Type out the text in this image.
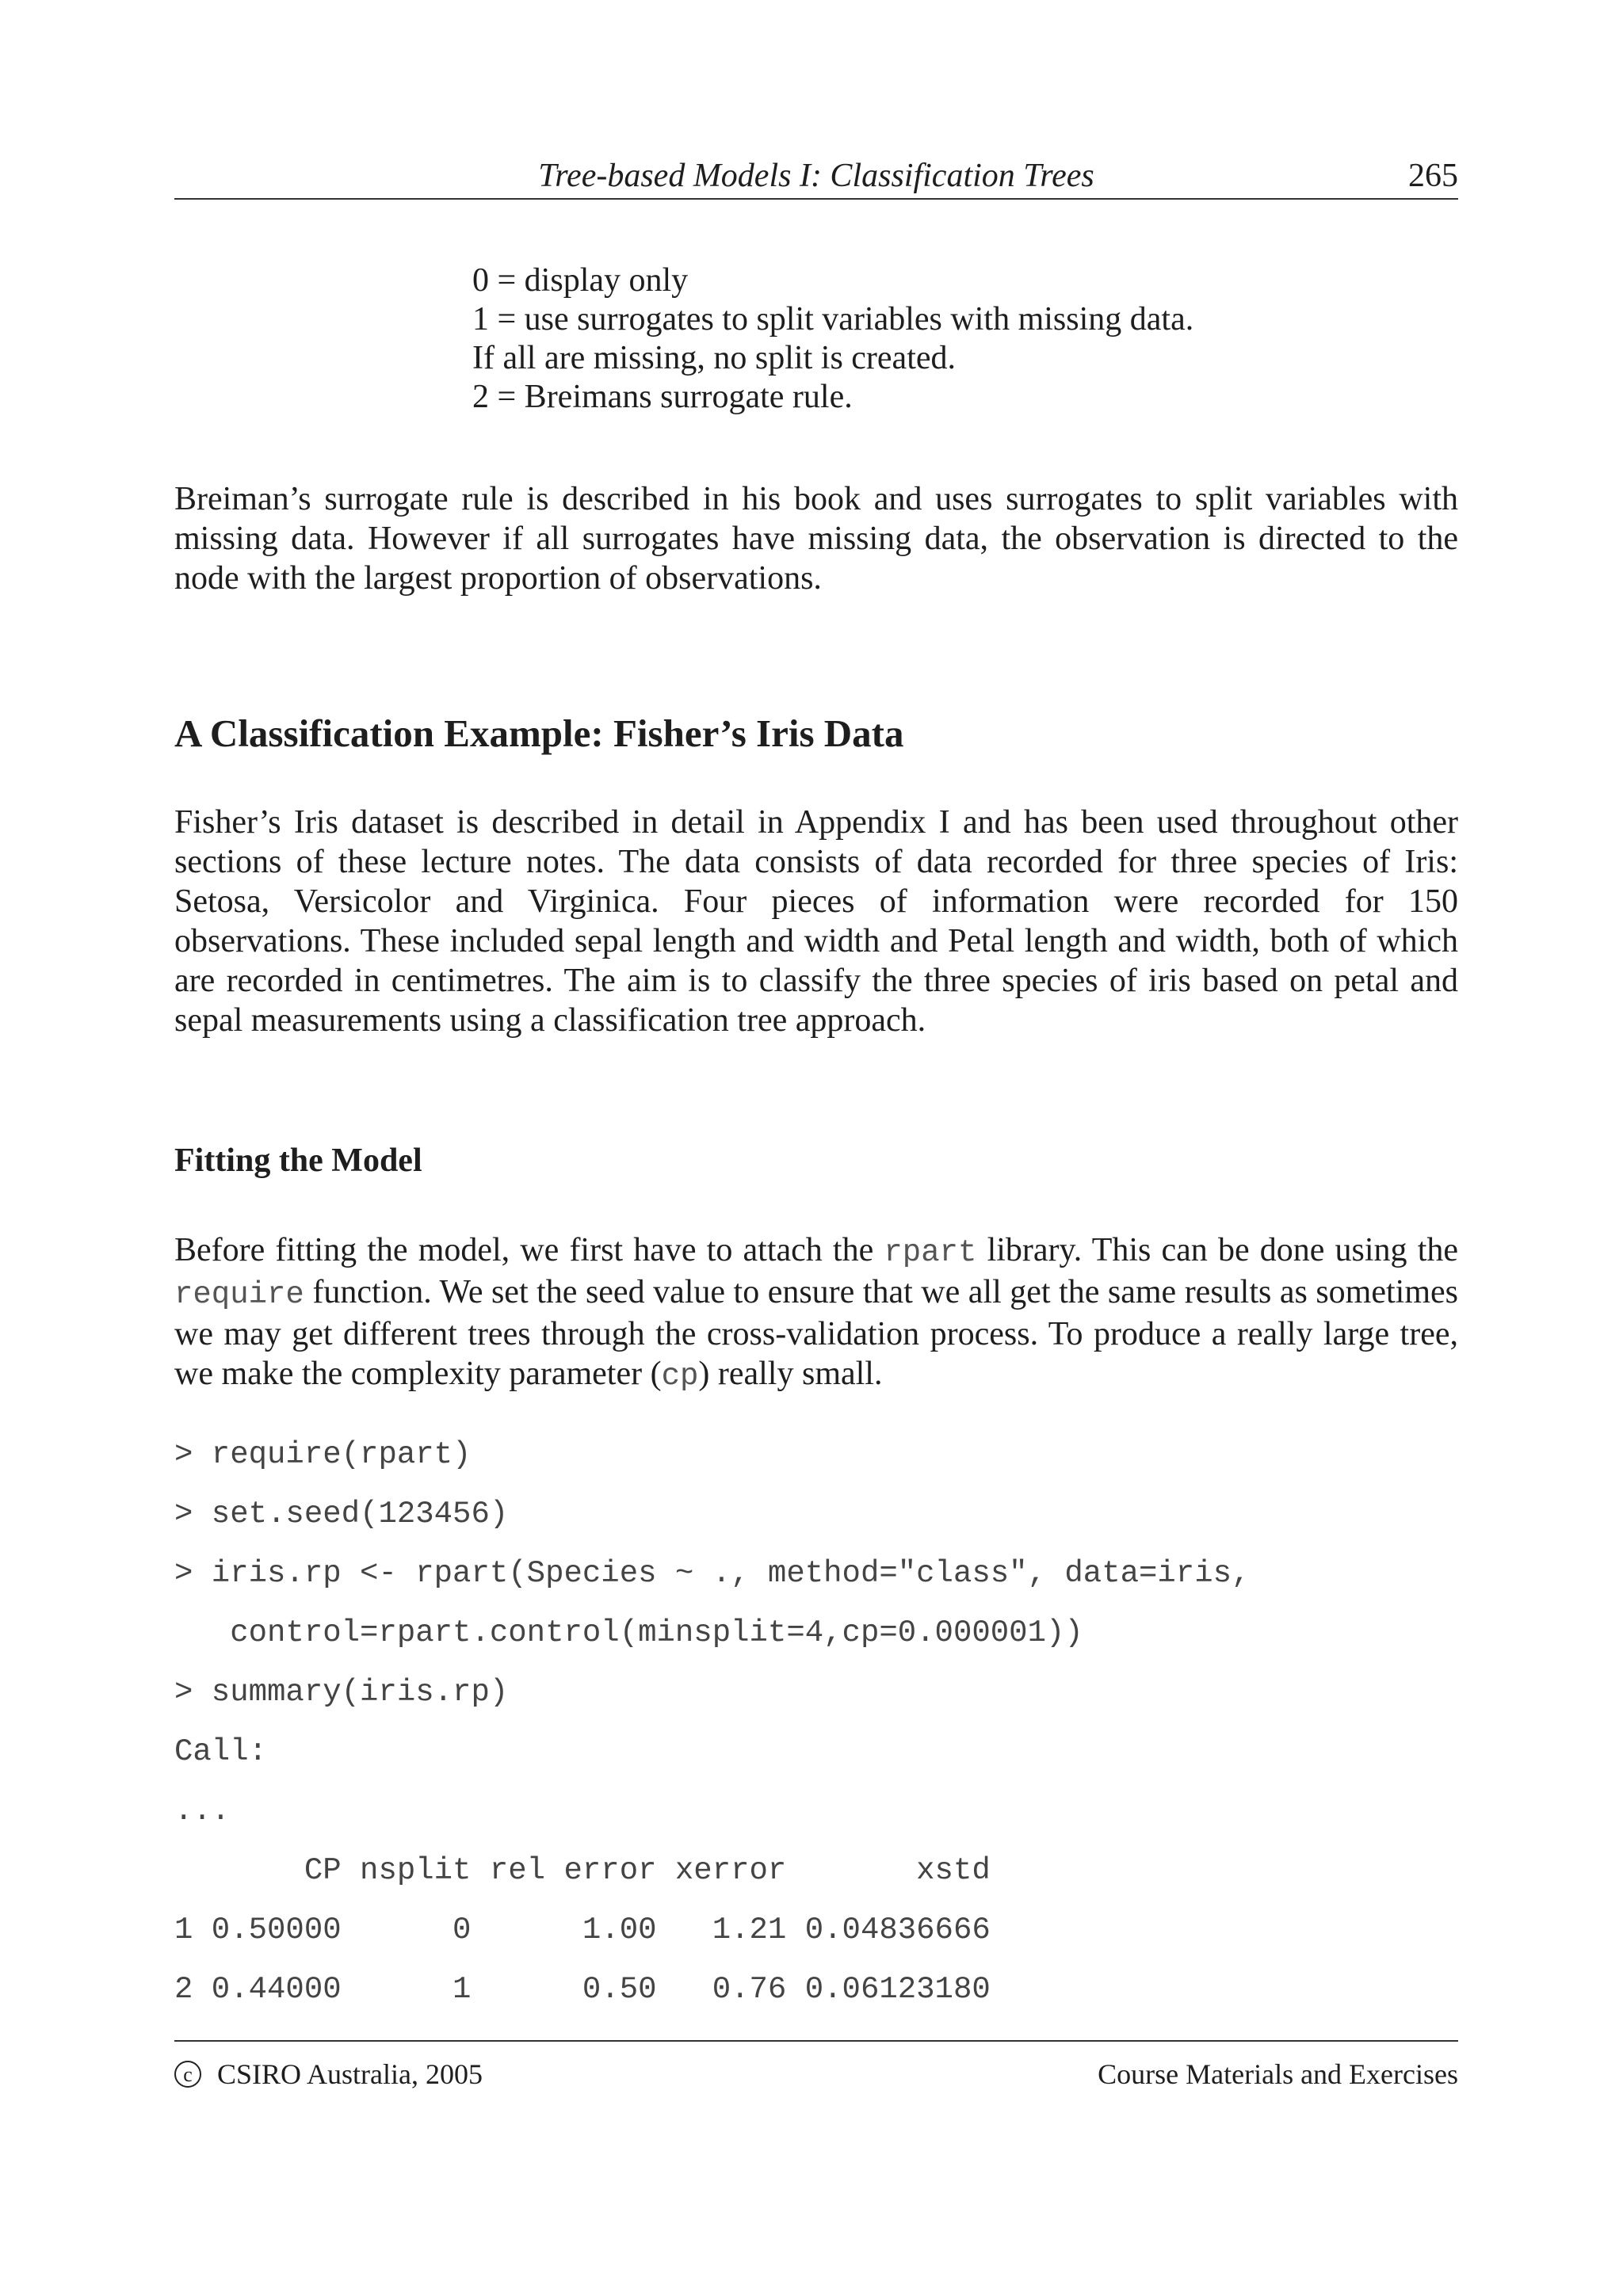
Tree-based Models I: Classification Trees	265
0 = display only
1 = use surrogates to split variables with missing data.
If all are missing, no split is created.
2 = Breimans surrogate rule.

Breiman’s surrogate rule is described in his book and uses surrogates to split variables with missing data. However if all surrogates have missing data, the observation is directed to the node with the largest proportion of observations.

A Classification Example: Fisher’s Iris Data

Fisher’s Iris dataset is described in detail in Appendix I and has been used throughout other sections of these lecture notes. The data consists of data recorded for three species of Iris: Setosa, Versicolor and Virginica. Four pieces of information were recorded for 150 observations. These included sepal length and width and Petal length and width, both of which are recorded in centimetres. The aim is to classify the three species of iris based on petal and sepal measurements using a classification tree approach.

Fitting the Model

Before fitting the model, we first have to attach the rpart library. This can be done using the require function. We set the seed value to ensure that we all get the same results as sometimes we may get different trees through the cross-validation process. To produce a really large tree, we make the complexity parameter (cp) really small.

> require(rpart)
> set.seed(123456)
> iris.rp <- rpart(Species ~ ., method="class", data=iris,
control=rpart.control(minsplit=4,cp=0.000001))
> summary(iris.rp)
Call:
...
CP nsplit rel error xerror       xstd
1 0.50000      0      1.00   1.21 0.04836666
2 0.44000      1      0.50   0.76 0.06123180
c CSIRO Australia, 2005	Course Materials and Exercises
